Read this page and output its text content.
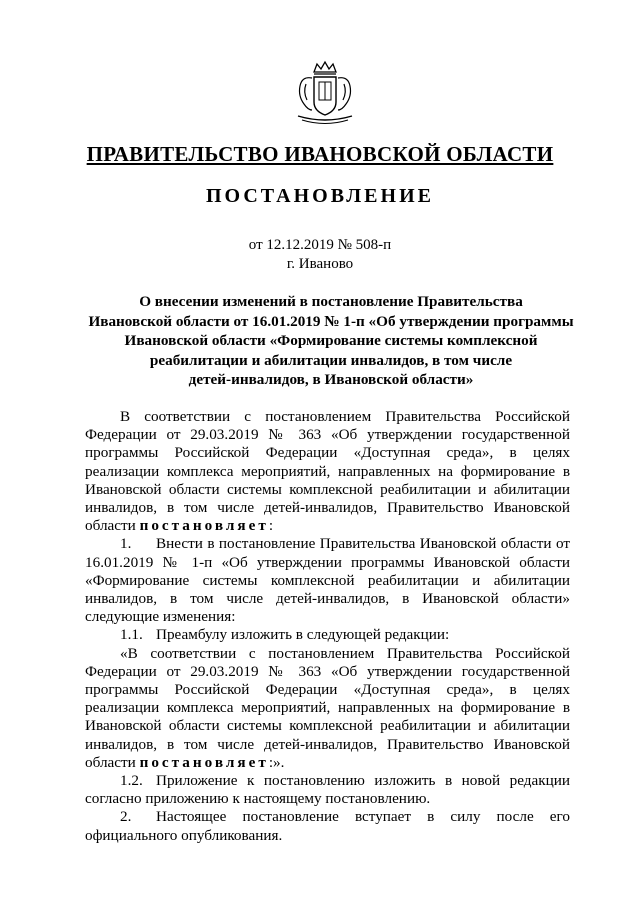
ПРАВИТЕЛЬСТВО ИВАНОВСКОЙ ОБЛАСТИ
ПОСТАНОВЛЕНИЕ
от 12.12.2019 № 508-п
г. Иваново
О внесении изменений в постановление Правительства
Ивановской области от 16.01.2019 № 1-п «Об утверждении программы
Ивановской области «Формирование системы комплексной
реабилитации и абилитации инвалидов, в том числе
детей-инвалидов, в Ивановской области»

В соответствии с постановлением Правительства Российской Федерации от 29.03.2019 № 363 «Об утверждении государственной программы Российской Федерации «Доступная среда», в целях реализации комплекса мероприятий, направленных на формирование в Ивановской области системы комплексной реабилитации и абилитации инвалидов, в том числе детей-инвалидов, Правительство Ивановской области постановляет:

1. Внести в постановление Правительства Ивановской области от 16.01.2019 № 1-п «Об утверждении программы Ивановской области «Формирование системы комплексной реабилитации и абилитации инвалидов, в том числе детей-инвалидов, в Ивановской области» следующие изменения:

1.1. Преамбулу изложить в следующей редакции:

«В соответствии с постановлением Правительства Российской Федерации от 29.03.2019 № 363 «Об утверждении государственной программы Российской Федерации «Доступная среда», в целях реализации комплекса мероприятий, направленных на формирование в Ивановской области системы комплексной реабилитации и абилитации инвалидов, в том числе детей-инвалидов, Правительство Ивановской области постановляет:».

1.2. Приложение к постановлению изложить в новой редакции согласно приложению к настоящему постановлению.

2. Настоящее постановление вступает в силу после его официального опубликования.
